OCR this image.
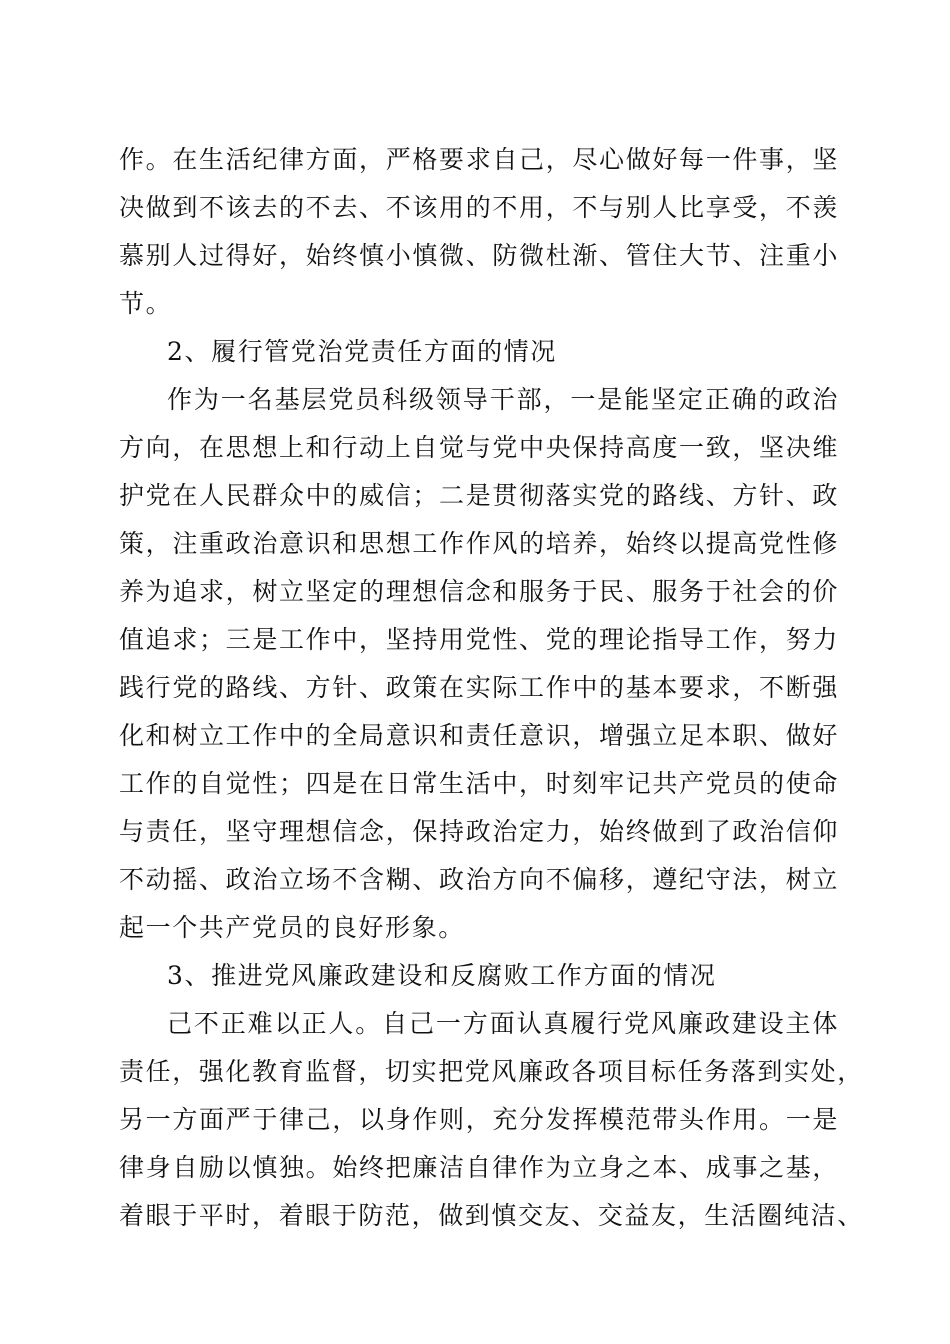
作。在生活纪律方面，严格要求自己，尽心做好每一件事，坚
决做到不该去的不去、不该用的不用，不与别人比享受，不羡
慕别人过得好，始终慎小慎微、防微杜渐、管住大节、注重小
节。
2、履行管党治党责任方面的情况
作为一名基层党员科级领导干部，一是能坚定正确的政治
方向，在思想上和行动上自觉与党中央保持高度一致，坚决维
护党在人民群众中的威信；二是贯彻落实党的路线、方针、政
策，注重政治意识和思想工作作风的培养，始终以提高党性修
养为追求，树立坚定的理想信念和服务于民、服务于社会的价
值追求；三是工作中，坚持用党性、党的理论指导工作，努力
践行党的路线、方针、政策在实际工作中的基本要求，不断强
化和树立工作中的全局意识和责任意识，增强立足本职、做好
工作的自觉性；四是在日常生活中，时刻牢记共产党员的使命
与责任，坚守理想信念，保持政治定力，始终做到了政治信仰
不动摇、政治立场不含糊、政治方向不偏移，遵纪守法，树立
起一个共产党员的良好形象。
3、推进党风廉政建设和反腐败工作方面的情况
己不正难以正人。自己一方面认真履行党风廉政建设主体
责任，强化教育监督，切实把党风廉政各项目标任务落到实处，
另一方面严于律己，以身作则，充分发挥模范带头作用。一是
律身自励以慎独。始终把廉洁自律作为立身之本、成事之基，
着眼于平时，着眼于防范，做到慎交友、交益友，生活圈纯洁、
